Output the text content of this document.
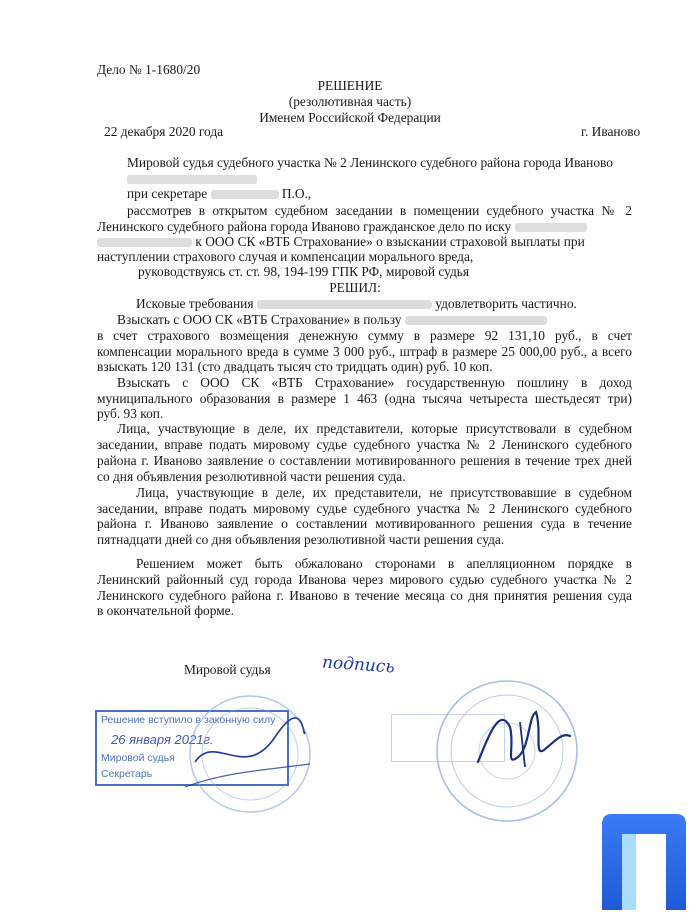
Дело № 1-1680/20
РЕШЕНИЕ
(резолютивная часть)
Именем Российской Федерации
22 декабря 2020 года	г. Иваново
Мировой судья судебного участка № 2 Ленинского судебного района города Иваново
при секретаре	П.О.,
рассмотрев в открытом судебном заседании в помещении судебного участка № 2
Ленинского судебного района города Иваново гражданское дело по иску
к ООО СК «ВТБ Страхование» о взыскании страховой выплаты при
наступлении страхового случая и компенсации морального вреда,
руководствуясь ст. ст. 98, 194-199 ГПК РФ, мировой судья
РЕШИЛ:
Исковые требования	удовлетворить частично.
Взыскать с ООО СК «ВТБ Страхование» в пользу
в счет страхового возмещения денежную сумму в размере 92 131,10 руб., в счет
компенсации морального вреда в сумме 3 000 руб., штраф в размере 25 000,00 руб., а всего
взыскать 120 131 (сто двадцать тысяч сто тридцать один) руб. 10 коп.
Взыскать с ООО СК «ВТБ Страхование» государственную пошлину в доход
муниципального образования в размере 1 463 (одна тысяча четыреста шестьдесят три)
руб. 93 коп.
Лица, участвующие в деле, их представители, которые присутствовали в судебном
заседании, вправе подать мировому судье судебного участка № 2 Ленинского судебного
района г. Иваново заявление о составлении мотивированного решения в течение трех дней
со дня объявления резолютивной части решения суда.
Лица, участвующие в деле, их представители, не присутствовавшие в судебном
заседании, вправе подать мировому судье судебного участка № 2 Ленинского судебного
района г. Иваново заявление о составлении мотивированного решения суда в течение
пятнадцати дней со дня объявления резолютивной части решения суда.
Решением может быть обжаловано сторонами в апелляционном порядке в
Ленинский районный суд города Иванова через мирового судью судебного участка № 2
Ленинского судебного района г. Иваново в течение месяца со дня принятия решения суда
в окончательной форме.
Мировой судья	подпись
Решение вступило в законную силу
26 января 2021г.
Мировой судья
Секретарь
